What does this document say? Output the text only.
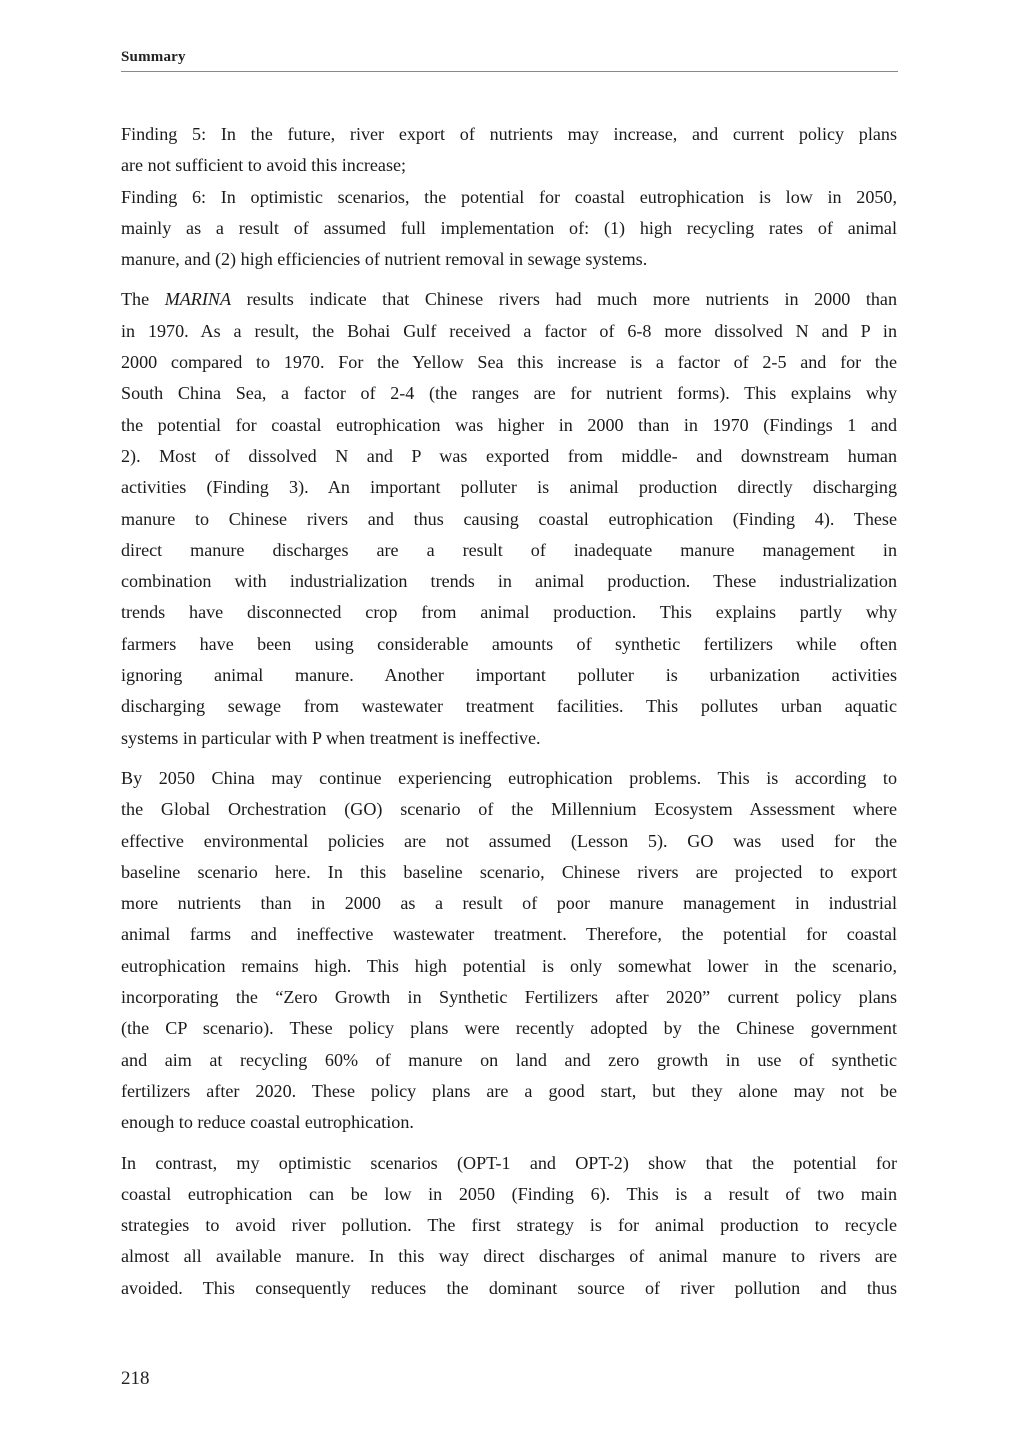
Summary
Finding 5: In the future, river export of nutrients may increase, and current policy plans
are not sufficient to avoid this increase;
Finding 6: In optimistic scenarios, the potential for coastal eutrophication is low in 2050,
mainly as a result of assumed full implementation of: (1) high recycling rates of animal
manure, and (2) high efficiencies of nutrient removal in sewage systems.
The MARINA results indicate that Chinese rivers had much more nutrients in 2000 than
in 1970. As a result, the Bohai Gulf received a factor of 6-8 more dissolved N and P in
2000 compared to 1970. For the Yellow Sea this increase is a factor of 2-5 and for the
South China Sea, a factor of 2-4 (the ranges are for nutrient forms). This explains why
the potential for coastal eutrophication was higher in 2000 than in 1970 (Findings 1 and
2). Most of dissolved N and P was exported from middle- and downstream human
activities (Finding 3). An important polluter is animal production directly discharging
manure to Chinese rivers and thus causing coastal eutrophication (Finding 4). These
direct manure discharges are a result of inadequate manure management in
combination with industrialization trends in animal production. These industrialization
trends have disconnected crop from animal production. This explains partly why
farmers have been using considerable amounts of synthetic fertilizers while often
ignoring animal manure. Another important polluter is urbanization activities
discharging sewage from wastewater treatment facilities. This pollutes urban aquatic
systems in particular with P when treatment is ineffective.
By 2050 China may continue experiencing eutrophication problems. This is according to
the Global Orchestration (GO) scenario of the Millennium Ecosystem Assessment where
effective environmental policies are not assumed (Lesson 5). GO was used for the
baseline scenario here. In this baseline scenario, Chinese rivers are projected to export
more nutrients than in 2000 as a result of poor manure management in industrial
animal farms and ineffective wastewater treatment. Therefore, the potential for coastal
eutrophication remains high. This high potential is only somewhat lower in the scenario,
incorporating the “Zero Growth in Synthetic Fertilizers after 2020” current policy plans
(the CP scenario). These policy plans were recently adopted by the Chinese government
and aim at recycling 60% of manure on land and zero growth in use of synthetic
fertilizers after 2020. These policy plans are a good start, but they alone may not be
enough to reduce coastal eutrophication.
In contrast, my optimistic scenarios (OPT-1 and OPT-2) show that the potential for
coastal eutrophication can be low in 2050 (Finding 6). This is a result of two main
strategies to avoid river pollution. The first strategy is for animal production to recycle
almost all available manure. In this way direct discharges of animal manure to rivers are
avoided. This consequently reduces the dominant source of river pollution and thus
218
